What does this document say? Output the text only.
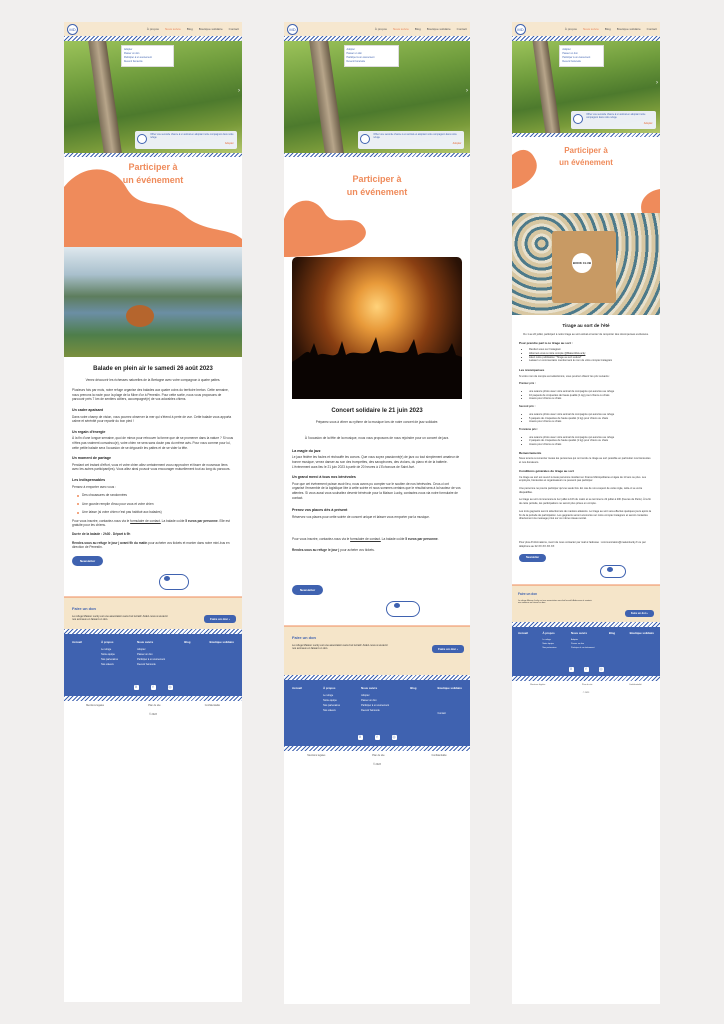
MD	À propos Nous suivre Blog Boutique solidaire Contact
Adopter
Passer un don
Participer à un événement
Devenir bénévole
›
Offrez une seconde chance à un animal en adoptant notre compagnon dans notre refuge
Adopter
Participer à
un événement
Balade en plein air le samedi 26 août 2023

Venez découvrir les richesses naturelles de la Bretagne avec votre compagnon à quatre pattes.

Plusieurs fois par mois, notre refuge organise des balades aux quatre coins du territoire breton. Cette semaine, nous prenons la route pour la plage de la Mine d'or à Penestin. Pour cette sortie, nous vous proposons de parcourir près 7 km de sentiers côtiers, accompagné(e) de vos adorables chiens.

Un cadre apaisant

Dans votre champ de vision, vous pourrez observer la mer qui s'étend à perte de vue. Cette balade vous apporta calme et sérénité pour repartir du bon pied !

Un regain d'énergie

À la fin d'une longue semaine, quoi de mieux pour retrouver la forme que de se promener dans la nature ? Si vous n'êtes pas vraiment convaincu(e), votre chien ne sera sans doute pas du même avis. Pour vous comme pour lui, cette petite balade sera l'occasion de se dégourdir les pattes et de se vider la tête.

Un moment de partage

Pendant cet instant d'effort, vous et votre chien allez certainement vous rapprocher et tisser de nouveaux liens avec les autres participant(es). Vous allez ainsi pouvoir vous encourager mutuellement tout au long du parcours.

Les indispensables

Pensez à emporter avec vous :

Des chaussures de randonnées
Une gourde remplie d'eau pour vous et votre chien
Une laisse (si votre chien n'est pas habitué aux balades)

Pour vous inscrire, contactez-nous via le formulaire de contact. La balade coûte 5 euros par personne. Elle est gratuite pour les chiens.

Durée de la balade : 2h30 . Départ à 9h

Rendez-vous au refuge le jour j avant 9h du matin pour acheter vos tickets et monter dans notre mini-bus en direction de Penestin.

Newsletter
Faire un don
Le refuge Maison Lucky est une association sans but lucratif. Aidez-nous à soutenir nos animaux en faisant un don.	Faire un don ›
Accueil	À propos
Le refuge
Notre équipe
Nos partenaires
Nos valeurs
Nous suivre
Adopter
Passer un don
Participer à un événement
Devenir bénévole
Blog	Boutique solidaire
X	f	◎
Mentions légales	Plan du site	Confidentialité
© 2023
MD	À propos Nous suivre Blog Boutique solidaire Contact
Adopter
Passer un don
Participer à un événement
Devenir bénévole
›
Offrez une seconde chance à un animal en adoptant notre compagnon dans notre refuge
Adopter
Participer à
un événement
Concert solidaire le 21 juin 2023

Préparez-vous à vibrer au rythme de la musique lors de notre concert de jazz solidaire.

À l'occasion de la fête de la musique, nous vous proposons de nous rejoindre pour un concert de jazz.

La magie du jazz

Le jazz fédère les foules et réchauffe les coeurs. Que vous soyez passionné(e) de jazz ou tout simplement amateur de bonne musique, venez danser au son des trompettes, des saxophones, des violons, du piano et de la batterie. L'événement aura lieu le 21 juin 2023 à partir de 20 heures à L'Echonova de Saint Avé.

Un grand merci à tous nos bénévoles

Pour que cet événement puisse avoir lieu, nous avons pu compter sur le soutien de nos bénévoles. Ceux-ci ont organisé l'ensemble de la logistique liée à cette soirée et nous sommes certains que le résultat sera à la hauteur de vos attentes. Si vous aussi vous souhaitez devenir bénévole pour la Maison Lucky, contactez-nous via notre formulaire de contact.

Prenez vos places dès à présent

Réservez vos places pour cette soirée de concert unique et laisser vous emporter par la musique.

Pour vous inscrire, contactez-nous via le formulaire de contact. La balade coûte 5 euros par personne.

Rendez-vous au refuge le jour j pour acheter vos tickets.

Newsletter
Faire un don
Le refuge Maison Lucky est une association sans but lucratif. Aidez-nous à soutenir nos animaux en faisant un don.	Faire un don ›
Accueil	À propos
Le refuge
Notre équipe
Nos partenaires
Nos valeurs
Nous suivre
Adopter
Passer un don
Participer à un événement
Devenir bénévole
Blog	Boutique solidaire
Contact
X	f	◎
Mentions légales	Plan du site	Confidentialité
© 2023
MD	À propos Nous suivre Blog Boutique solidaire Contact
Adopter
Passer un don
Participer à un événement
Devenir bénévole
›
Offrez une seconde chance à un animal en adoptant notre compagnon dans notre refuge
Adopter
Participer à
un événement
BOOK CLUB
Tirage au sort de l'été

Du 1 au 22 juillet, participez à notre tirage au sort estival et tentez de remporter des récompenses exclusives.

Pour prendre part à ce tirage au sort :
• Rendez-vous sur Instagram
• Abonnez-vous à notre compte @MaisonDeLucky
• Likez notre publication "Tirage au sort estival"
• Laissez un commentaire mentionnant le nom de votre compte Instagram
Les récompenses

Si votre nom de compte est sélectionné, vous pourrez obtenir les prix suivants :

Premier prix :

• une séance photo avec votre animal de compagnie qui aura lieu au refuge
• 10 paquets de croquettes de haute qualité (1 kg) pour chiens ou chats
• Jouets pour chiens ou chats

Second prix :

• une séance photo avec votre animal de compagnie qui aura lieu au refuge
• 5 paquets de croquettes de haute qualité (1 kg) pour chiens ou chats
• Jouets pour chiens ou chats

Troisième prix :

• une séance photo avec votre animal de compagnie qui aura lieu au refuge
• 3 paquets de croquettes de haute qualité (1 kg) pour chiens ou chats
• Jouets pour chiens ou chats
Remerciements

Nous tenons à remercier toutes les personnes qui ont rendu ce tirage au sort possible en particulier nos bénévoles et nos donateurs.

Conditions générales du tirage au sort

Ce tirage au sort est ouvert à toute personne résidant en France Métropolitaine et âgée de 13 ans ou plus. Les employés, bénévoles et organisateurs ne peuvent pas participer.

Une personne ne pourra participer qu'une seule fois. En cas de non-respect de cette règle, celle-ci se verra disqualifiée.

Le tirage au sort commencera le 1er juillet à 10h du matin et se termine le 22 juillet à 20h (heures de Paris). À la fin de cette période, les participations ne seront plus prises en compte.

Les trois gagnants seront sélectionnés de manière aléatoire. Le tirage au sort sera effectué quelques jours après la fin de la période de participation. Les gagnants seront annoncés sur notre compte Instagram et seront contactés directement via message privé sur ce même réseau social.

Pour plus d'informations, merci de nous contacter par mail à l'adresse : communication@maisonlucky.fr ou par téléphone au 02.XX.XX.XX.XX

Newsletter
Faire un don
Le refuge Maison Lucky est une association sans but lucratif. Aidez-nous à soutenir nos animaux en faisant un don.
Faire un don ›
Accueil	À propos
Le refuge
Notre équipe
Nos partenaires
Nous suivre
Adopter
Passer un don
Participer à un événement
Blog	Boutique solidaire
X	f	◎
Mentions légales	Plan du site	Confidentialité
© 2023
